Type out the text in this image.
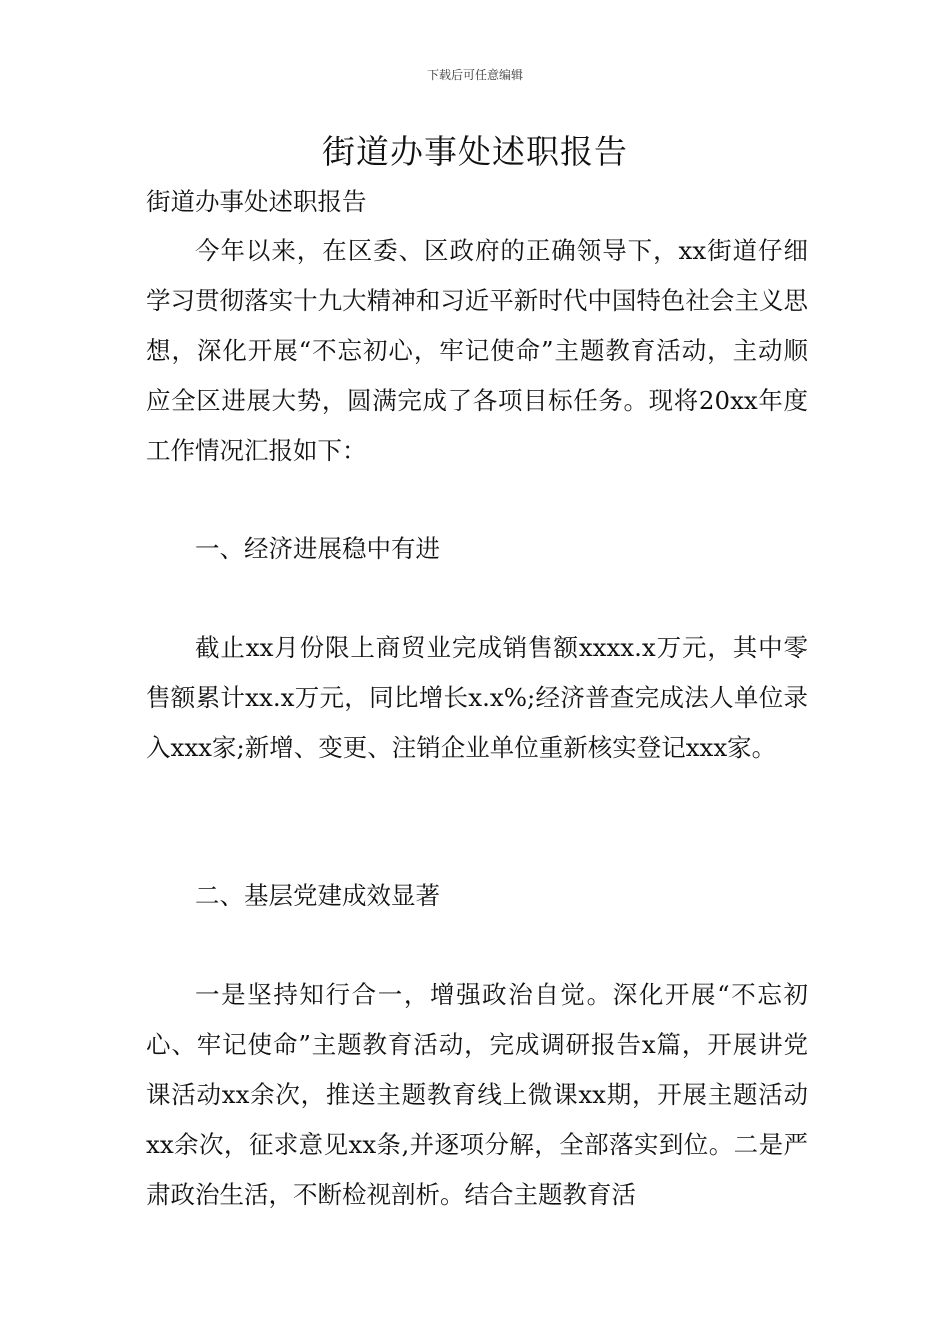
下载后可任意编辑
街道办事处述职报告

街道办事处述职报告

今年以来，在区委、区政府的正确领导下，xx街道仔细学习贯彻落实十九大精神和习近平新时代中国特色社会主义思想，深化开展“不忘初心，牢记使命”主题教育活动，主动顺应全区进展大势，圆满完成了各项目标任务。现将20xx年度工作情况汇报如下：

一、经济进展稳中有进

截止xx月份限上商贸业完成销售额xxxx.x万元，其中零售额累计xx.x万元，同比增长x.x%;经济普查完成法人单位录入xxx家;新增、变更、注销企业单位重新核实登记xxx家。

二、基层党建成效显著

一是坚持知行合一，增强政治自觉。深化开展“不忘初心、牢记使命”主题教育活动，完成调研报告x篇，开展讲党课活动xx余次，推送主题教育线上微课xx期，开展主题活动xx余次，征求意见xx条,并逐项分解，全部落实到位。二是严肃政治生活，不断检视剖析。结合主题教育活
